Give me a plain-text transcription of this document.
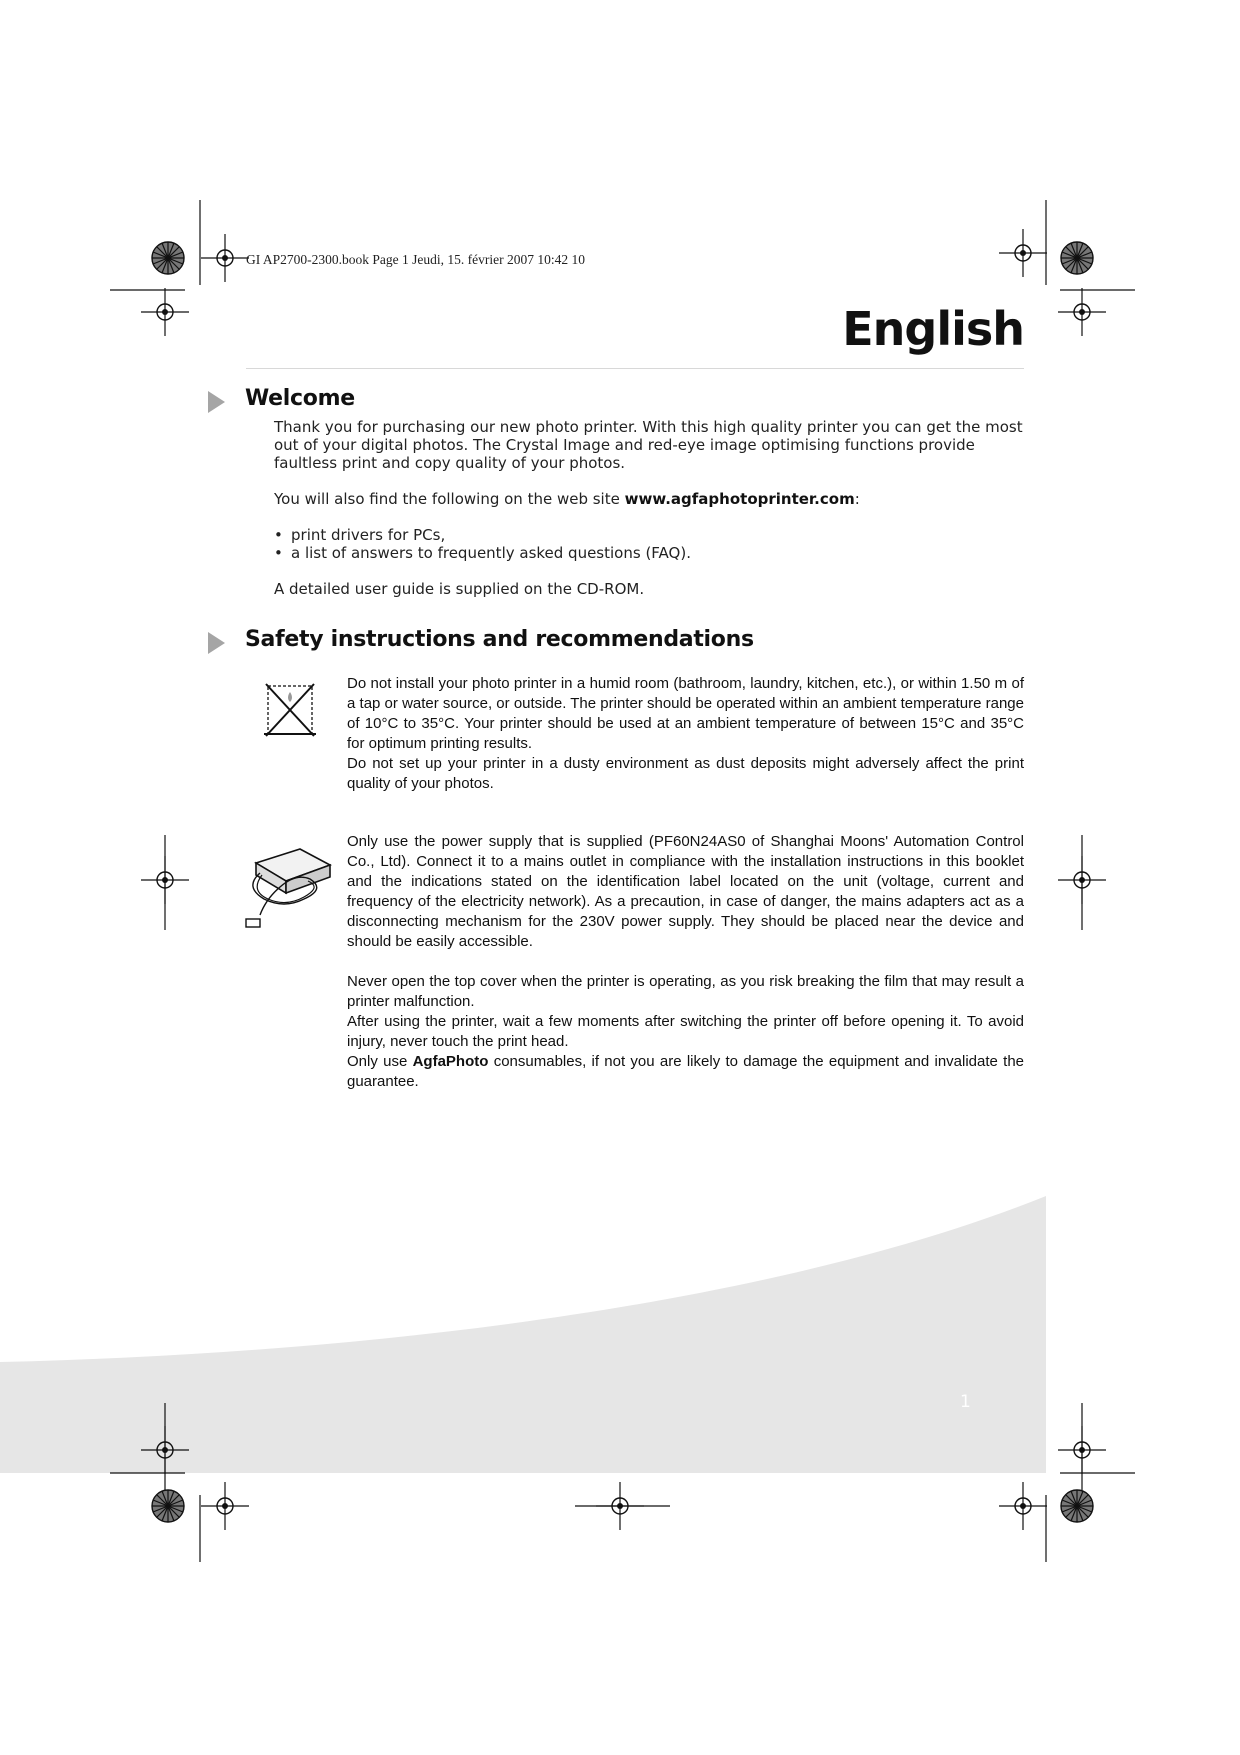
GI AP2700-2300.book Page 1 Jeudi, 15. février 2007 10:42 10
English
Welcome
Thank you for purchasing our new photo printer. With this high quality printer you can get the most out of your digital photos. The Crystal Image and red-eye image optimising functions provide faultless print and copy quality of your photos.
You will also find the following on the web site www.agfaphotoprinter.com:
• print drivers for PCs,
• a list of answers to frequently asked questions (FAQ).
A detailed user guide is supplied on the CD-ROM.
Safety instructions and recommendations

Do not install your photo printer in a humid room (bathroom, laundry, kitchen, etc.), or within 1.50 m of a tap or water source, or outside. The printer should be operated within an ambient temperature range of 10°C to 35°C. Your printer should be used at an ambient temperature of between 15°C and 35°C for optimum printing results.

Do not set up your printer in a dusty environment as dust deposits might adversely affect the print quality of your photos.

Only use the power supply that is supplied (PF60N24AS0 of Shanghai Moons' Automation Control Co., Ltd). Connect it to a mains outlet in compliance with the installation instructions in this booklet and the indications stated on the identification label located on the unit (voltage, current and frequency of the electricity network). As a precaution, in case of danger, the mains adapters act as a disconnecting mechanism for the 230V power supply. They should be placed near the device and should be easily accessible.

Never open the top cover when the printer is operating, as you risk breaking the film that may result a printer malfunction.

After using the printer, wait a few moments after switching the printer off before opening it. To avoid injury, never touch the print head.

Only use AgfaPhoto consumables, if not you are likely to damage the equipment and invalidate the guarantee.

1
